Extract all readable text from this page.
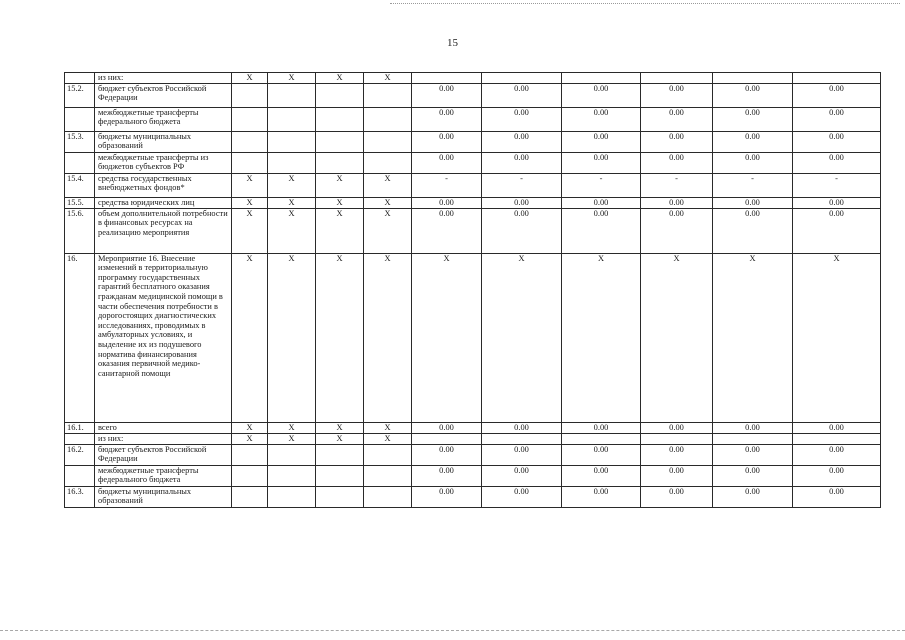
15
	из них:	X	X	X	X						
15.2.	бюджет субъектов Российской Федерации					0.00	0.00	0.00	0.00	0.00	0.00
	межбюджетные трансферты федерального бюджета					0.00	0.00	0.00	0.00	0.00	0.00
15.3.	бюджеты муниципальных образований					0.00	0.00	0.00	0.00	0.00	0.00
	межбюджетные трансферты из бюджетов субъектов РФ					0.00	0.00	0.00	0.00	0.00	0.00
15.4.	средства государственных внебюджетных фондов*	X	X	X	X	-	-	-	-	-	-
15.5.	средства юридических лиц	X	X	X	X	0.00	0.00	0.00	0.00	0.00	0.00
15.6.	объем дополнительной потребности в финансовых ресурсах на реализацию мероприятия	X	X	X	X	0.00	0.00	0.00	0.00	0.00	0.00
16.	Мероприятие 16. Внесение изменений в территориальную программу государственных гарантий бесплатного оказания гражданам медицинской помощи в части обеспечения потребности в дорогостоящих диагностических исследованиях, проводимых в амбулаторных условиях, и выделение их из подушевого норматива финансирования оказания первичной медико-санитарной помощи	X	X	X	X	X	X	X	X	X	X
16.1.	всего	X	X	X	X	0.00	0.00	0.00	0.00	0.00	0.00
	из них:	X	X	X	X						
16.2.	бюджет субъектов Российской Федерации					0.00	0.00	0.00	0.00	0.00	0.00
	межбюджетные трансферты федерального бюджета					0.00	0.00	0.00	0.00	0.00	0.00
16.3.	бюджеты муниципальных образований					0.00	0.00	0.00	0.00	0.00	0.00
